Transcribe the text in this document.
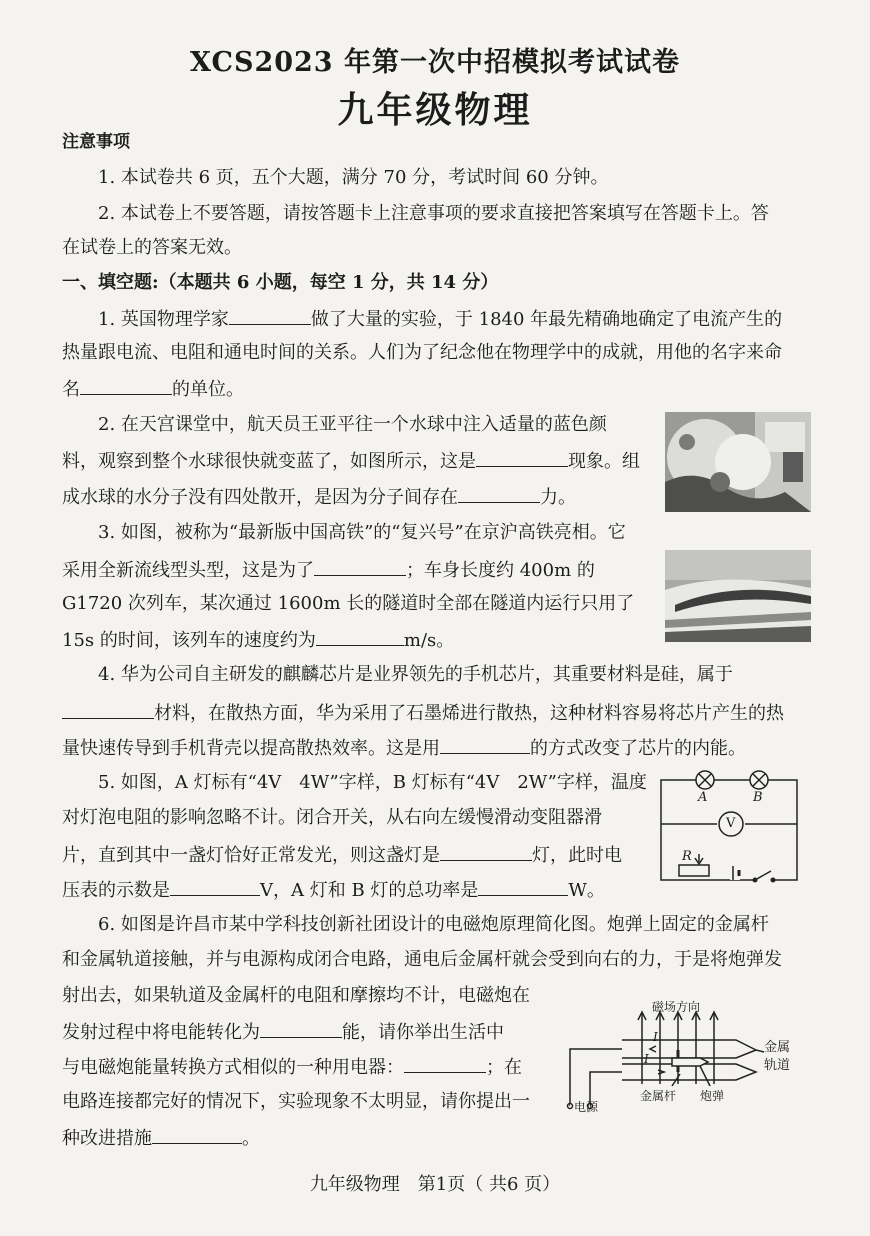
XCS2023 年第一次中招模拟考试试卷
九年级物理
注意事项
1. 本试卷共 6 页，五个大题，满分 70 分，考试时间 60 分钟。
2. 本试卷上不要答题，请按答题卡上注意事项的要求直接把答案填写在答题卡上。答
在试卷上的答案无效。
一、填空题:（本题共 6 小题，每空 1 分，共 14 分）
1. 英国物理学家	做了大量的实验，于 1840 年最先精确地确定了电流产生的
热量跟电流、电阻和通电时间的关系。人们为了纪念他在物理学中的成就，用他的名字来命
名	的单位。
2. 在天宫课堂中，航天员王亚平往一个水球中注入适量的蓝色颜
料，观察到整个水球很快就变蓝了，如图所示，这是	现象。组
成水球的水分子没有四处散开，是因为分子间存在	力。
3. 如图，被称为“最新版中国高铁”的“复兴号”在京沪高铁亮相。它
采用全新流线型头型，这是为了	；车身长度约 400m 的
G1720 次列车，某次通过 1600m 长的隧道时全部在隧道内运行只用了
15s 的时间，该列车的速度约为	m/s。
4. 华为公司自主研发的麒麟芯片是业界领先的手机芯片，其重要材料是硅，属于
材料，在散热方面，华为采用了石墨烯进行散热，这种材料容易将芯片产生的热
量快速传导到手机背壳以提高散热效率。这是用	的方式改变了芯片的内能。
5. 如图，A 灯标有“4V　4W”字样，B 灯标有“4V　2W”字样，温度
对灯泡电阻的影响忽略不计。闭合开关，从右向左缓慢滑动变阻器滑
片，直到其中一盏灯恰好正常发光，则这盏灯是	灯，此时电
压表的示数是	V，A 灯和 B 灯的总功率是	W。
A	B
V
R
6. 如图是许昌市某中学科技创新社团设计的电磁炮原理简化图。炮弹上固定的金属杆
和金属轨道接触，并与电源构成闭合电路，通电后金属杆就会受到向右的力，于是将炮弹发
射出去，如果轨道及金属杆的电阻和摩擦均不计，电磁炮在
发射过程中将电能转化为	能，请你举出生活中
与电磁炮能量转换方式相似的一种用电器：	；在
电路连接都完好的情况下，实验现象不太明显，请你提出一
种改进措施	。
磁场方向
金属
轨道
金属杆 炮弹
电源
I
I
九年级物理　第1页（ 共6 页）
